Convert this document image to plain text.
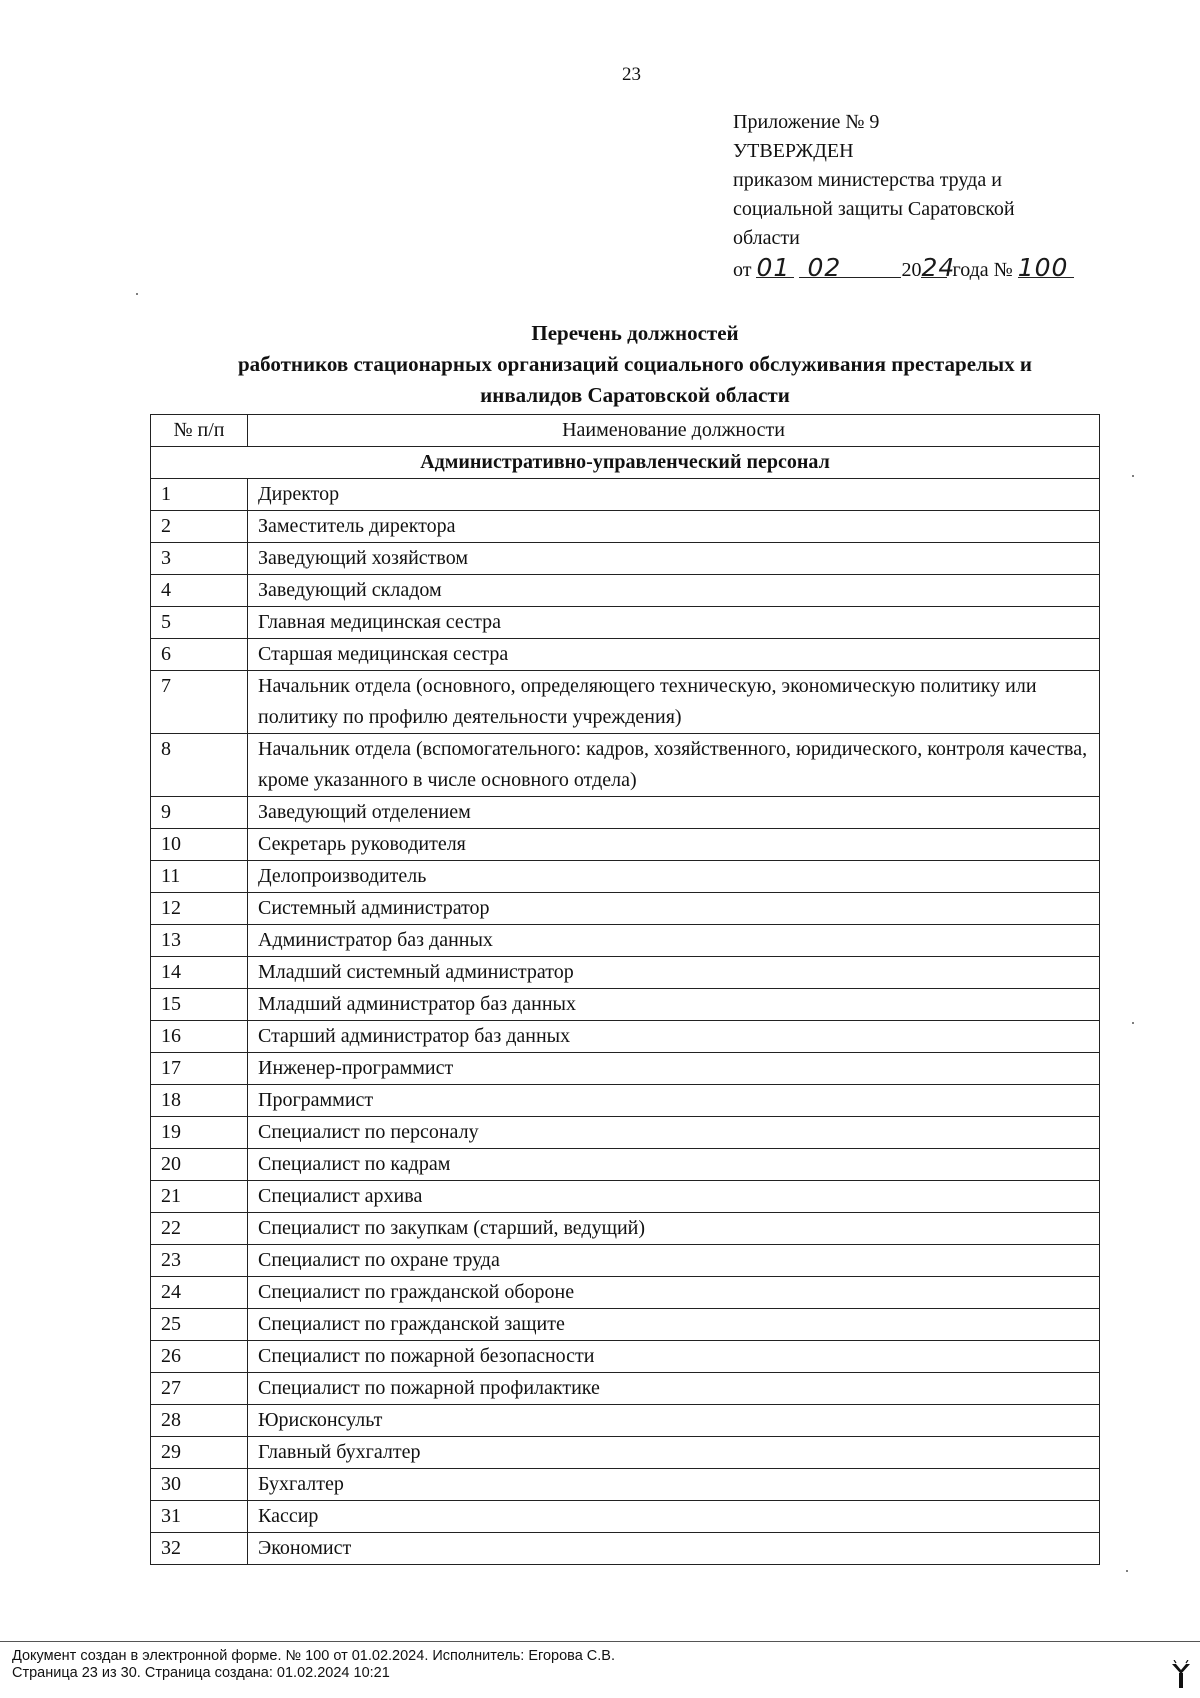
23
Приложение № 9
УТВЕРЖДЕН
приказом министерства труда и
социальной защиты Саратовской
области
от 01 02	2024 года № 100
Перечень должностей
работников стационарных организаций социального обслуживания престарелых и
инвалидов Саратовской области
№ п/п	Наименование должности
Административно-управленческий персонал	
1	Директор
2	Заместитель директора
3	Заведующий хозяйством
4	Заведующий складом
5	Главная медицинская сестра
6	Старшая медицинская сестра
7	Начальник отдела (основного, определяющего техническую, экономическую политику или политику по профилю деятельности учреждения)
8	Начальник отдела (вспомогательного: кадров, хозяйственного, юридического, контроля качества, кроме указанного в числе основного отдела)
9	Заведующий отделением
10	Секретарь руководителя
11	Делопроизводитель
12	Системный администратор
13	Администратор баз данных
14	Младший системный администратор
15	Младший администратор баз данных
16	Старший администратор баз данных
17	Инженер-программист
18	Программист
19	Специалист по персоналу
20	Специалист по кадрам
21	Специалист архива
22	Специалист по закупкам (старший, ведущий)
23	Специалист по охране труда
24	Специалист по гражданской обороне
25	Специалист по гражданской защите
26	Специалист по пожарной безопасности
27	Специалист по пожарной профилактике
28	Юрисконсульт
29	Главный бухгалтер
30	Бухгалтер
31	Кассир
32	Экономист
Документ создан в электронной форме. № 100 от 01.02.2024. Исполнитель: Егорова С.В.
Страница 23 из 30. Страница создана: 01.02.2024 10:21
